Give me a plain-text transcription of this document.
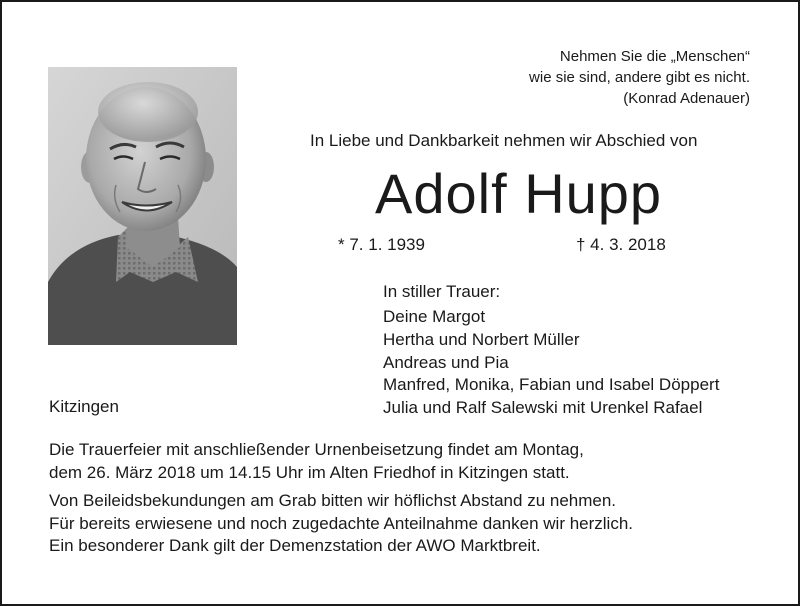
Nehmen Sie die „Menschen“
wie sie sind, andere gibt es nicht.
(Konrad Adenauer)
In Liebe und Dankbarkeit nehmen wir Abschied von
Adolf Hupp
* 7. 1. 1939	† 4. 3. 2018
In stiller Trauer:
Deine Margot
Hertha und Norbert Müller
Andreas und Pia
Manfred, Monika, Fabian und Isabel Döppert
Julia und Ralf Salewski mit Urenkel Rafael
Kitzingen
Die Trauerfeier mit anschließender Urnenbeisetzung findet am Montag,
dem 26. März 2018 um 14.15 Uhr im Alten Friedhof in Kitzingen statt.
Von Beileidsbekundungen am Grab bitten wir höflichst Abstand zu nehmen.
Für bereits erwiesene und noch zugedachte Anteilnahme danken wir herzlich.
Ein besonderer Dank gilt der Demenzstation der AWO Marktbreit.
